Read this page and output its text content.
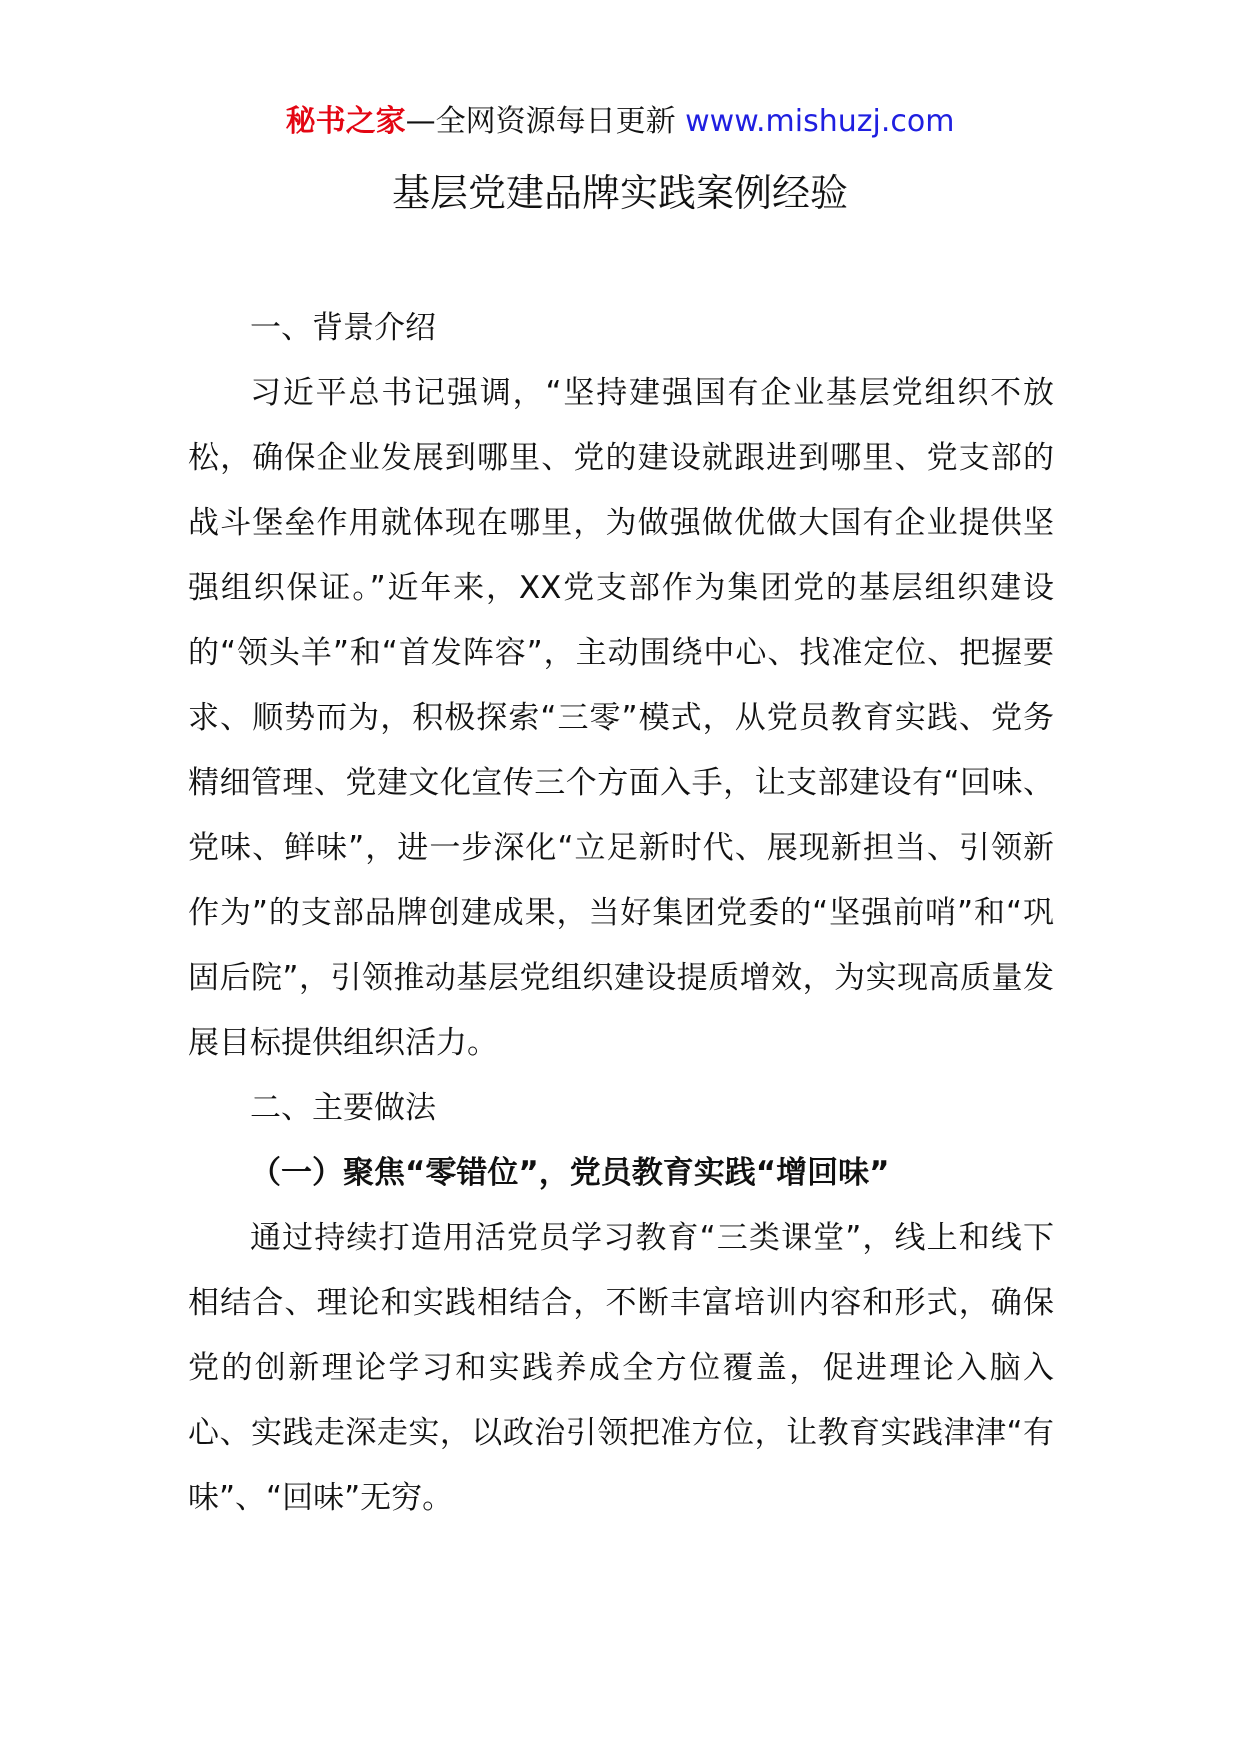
秘书之家—全网资源每日更新 www.mishuzj.com
基层党建品牌实践案例经验
一、背景介绍

习近平总书记强调，“坚持建强国有企业基层党组织不放松，确保企业发展到哪里、党的建设就跟进到哪里、党支部的战斗堡垒作用就体现在哪里，为做强做优做大国有企业提供坚强组织保证。”近年来，XX党支部作为集团党的基层组织建设的“领头羊”和“首发阵容”，主动围绕中心、找准定位、把握要求、顺势而为，积极探索“三零”模式，从党员教育实践、党务精细管理、党建文化宣传三个方面入手，让支部建设有“回味、党味、鲜味”，进一步深化“立足新时代、展现新担当、引领新作为”的支部品牌创建成果，当好集团党委的“坚强前哨”和“巩固后院”，引领推动基层党组织建设提质增效，为实现高质量发展目标提供组织活力。

二、主要做法
（一）聚焦“零错位”，党员教育实践“增回味”

通过持续打造用活党员学习教育“三类课堂”，线上和线下相结合、理论和实践相结合，不断丰富培训内容和形式，确保党的创新理论学习和实践养成全方位覆盖，促进理论入脑入心、实践走深走实，以政治引领把准方位，让教育实践津津“有味”、“回味”无穷。
